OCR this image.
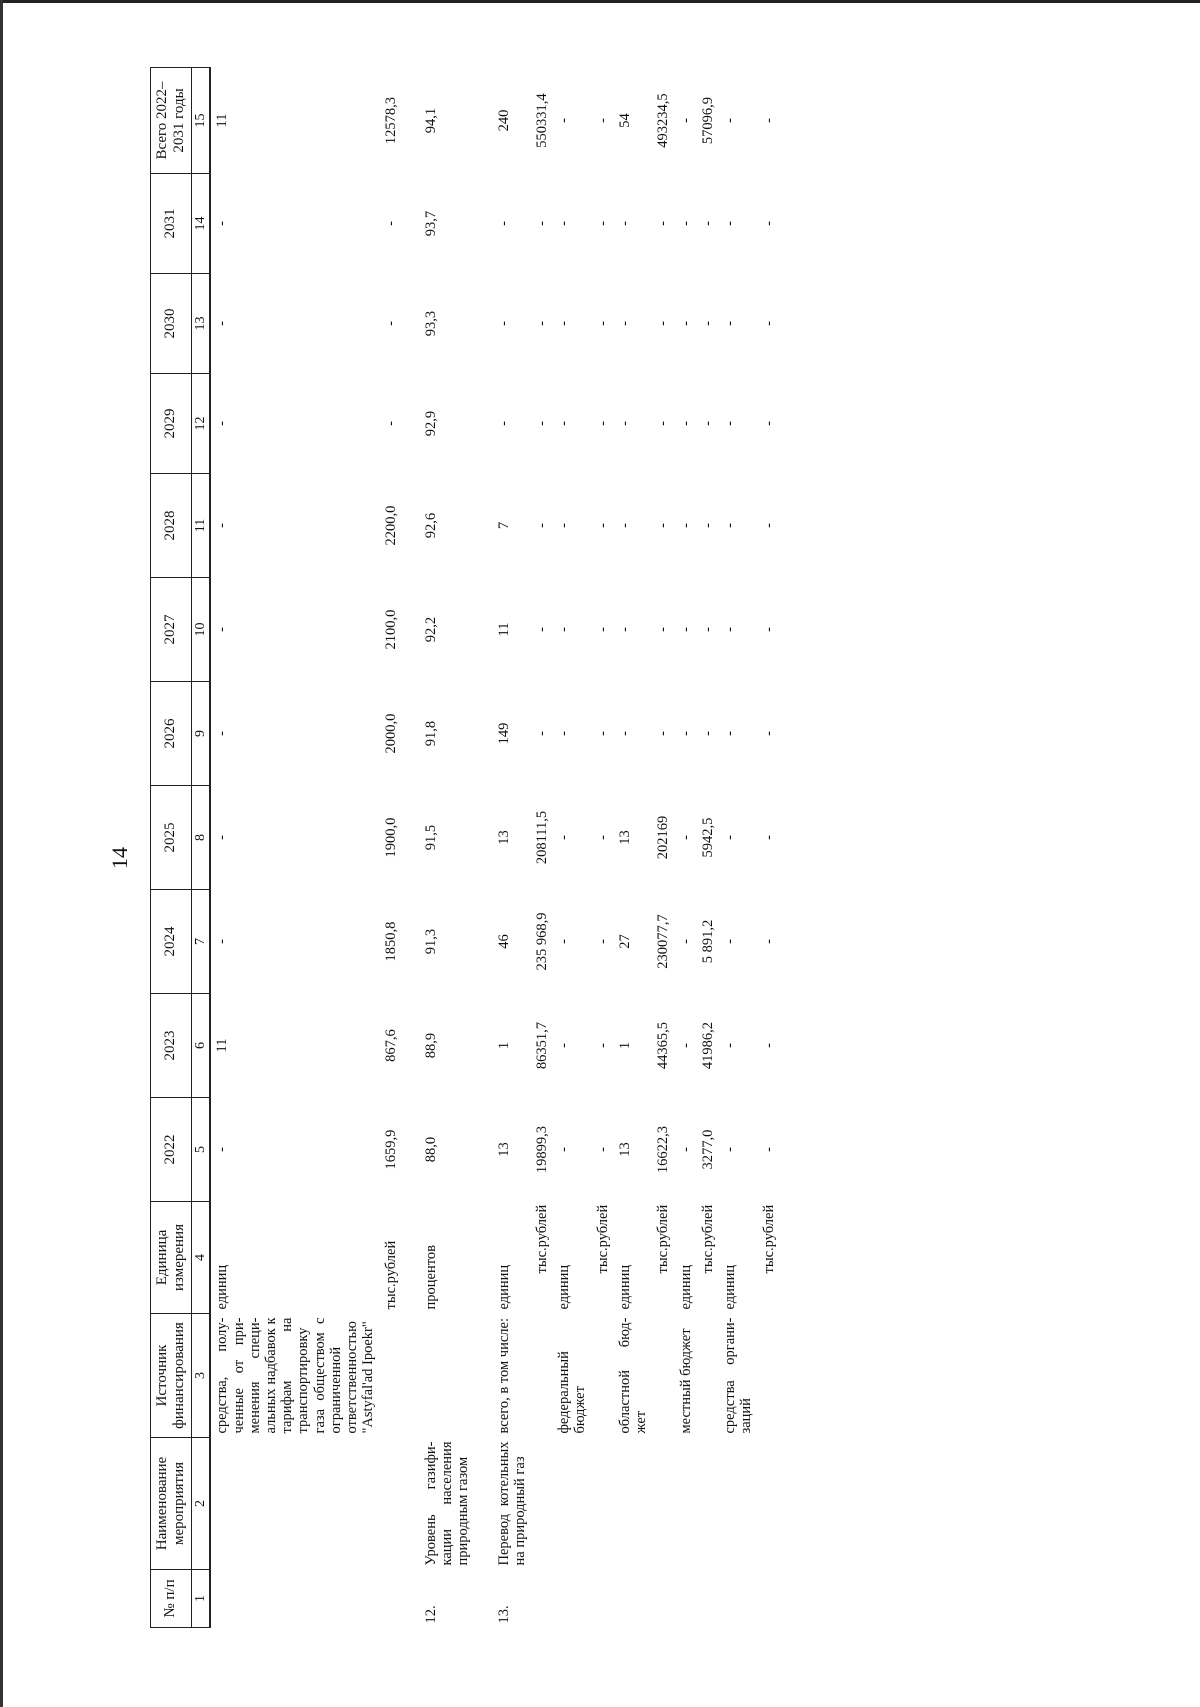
14
№ п/п	Наименование мероприятия	Источник финансирования	Единица измерения	2022	2023	2024	2025	2026	2027	2028	2029	2030	2031	Всего 2022–2031 годы
1	2	3	4	5	6	7	8	9	10	11	12	13	14	15
		средства, полу-ченные от при-менения специ-альных надбавок к тарифам на транспортировку газа обществом с ограниченной ответственностью "Astyfal'ad Ipoekr"	единиц	-	11	-	-	-	-	-	-	-	-	11
			тыс.рублей	1659,9	867,6	1850,8	1900,0	2000,0	2100,0	2200,0	-	-	-	12578,3

12.	Уровень газифи-кации населения природным газом		процентов	88,0	88,9	91,3	91,5	91,8	92,2	92,6	92,9	93,3	93,7	94,1

13.	Перевод котельных на природный газ	всего, в том числе:	единиц	13	1	46	13	149	11	7	-	-	-	240
			тыс.рублей	19899,3	86351,7	235 968,9	208111,5	-	-	-	-	-	-	550331,4
		федеральный бюджет	единиц	-	-	-	-	-	-	-	-	-	-	-
			тыс.рублей	-	-	-	-	-	-	-	-	-	-	-
		областной бюд-жет	единиц	13	1	27	13	-	-	-	-	-	-	54
			тыс.рублей	16622,3	44365,5	230077,7	202169	-	-	-	-	-	-	493234,5
		местный бюджет	единиц	-	-	-	-	-	-	-	-	-	-	-
			тыс.рублей	3277,0	41986,2	5 891,2	5942,5	-	-	-	-	-	-	57096,9
		средства органи-заций	единиц	-	-	-	-	-	-	-	-	-	-	-
			тыс.рублей	-	-	-	-	-	-	-	-	-	-	-
